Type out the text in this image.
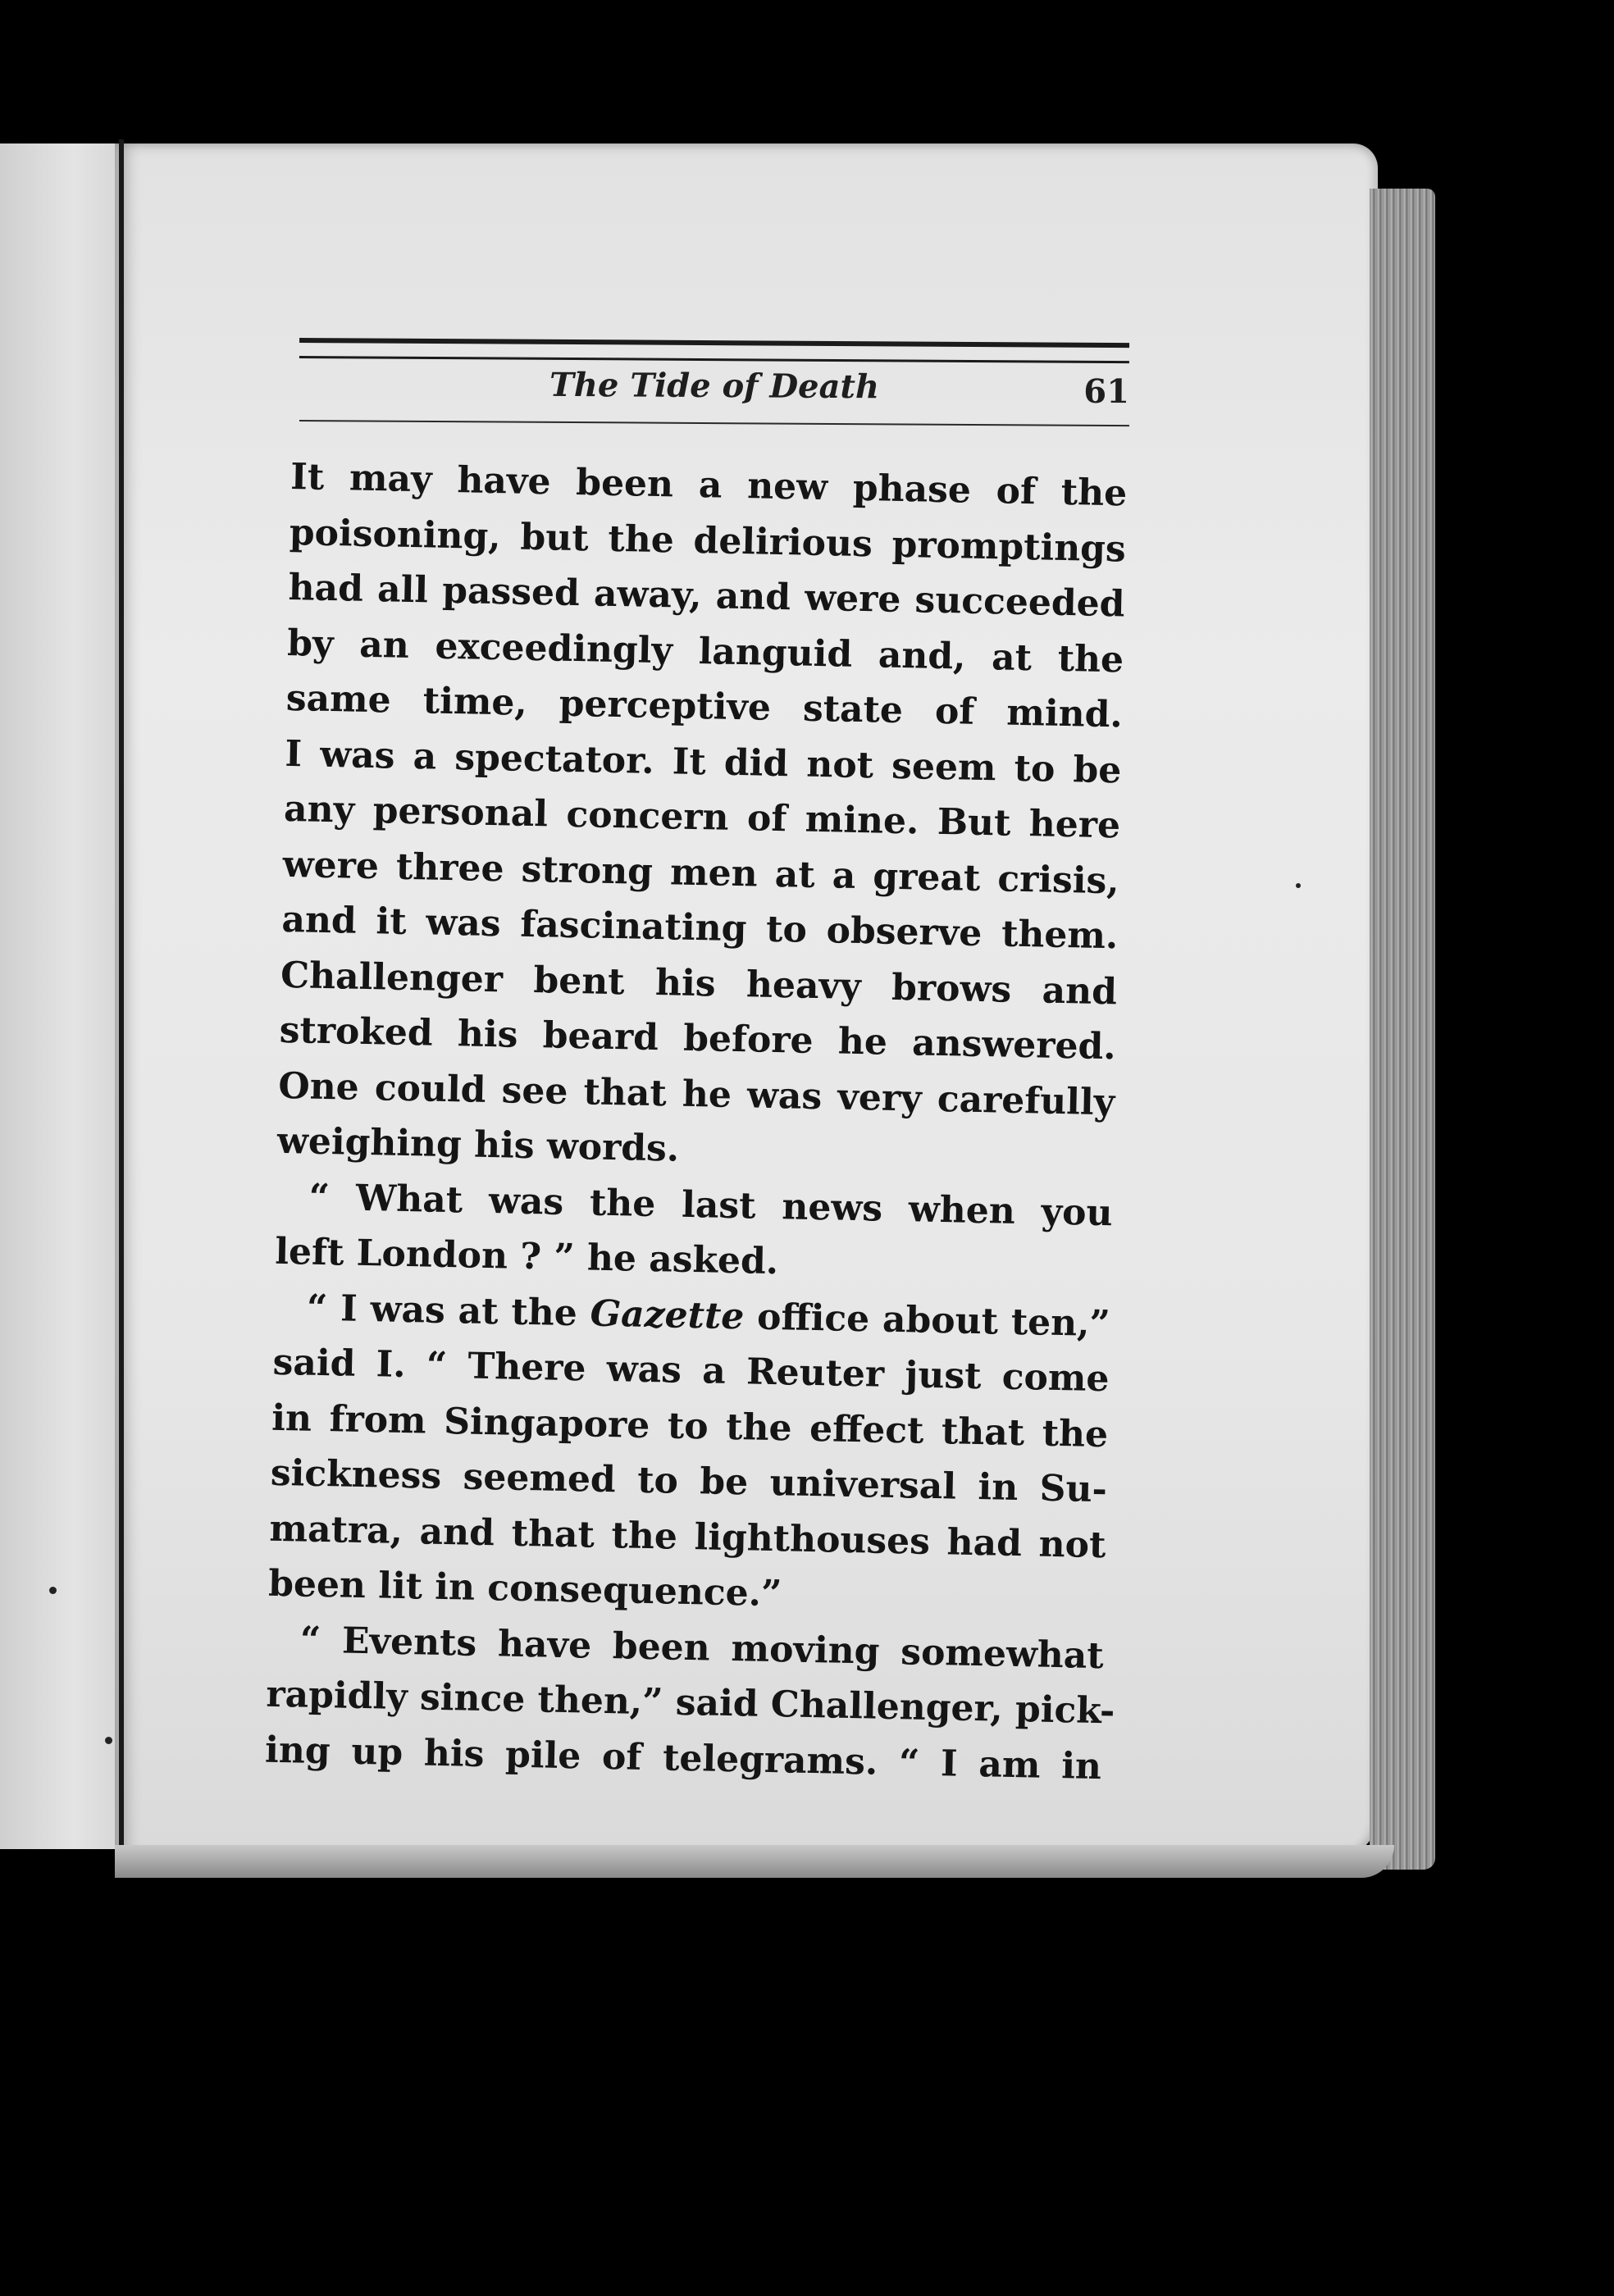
The Tide of Death	61
It may have been a new phase of the
poisoning, but the delirious promptings
had all passed away, and were succeeded
by an exceedingly languid and, at the
same time, perceptive state of mind.
I was a spectator. It did not seem to be
any personal concern of mine. But here
were three strong men at a great crisis,
and it was fascinating to observe them.
Challenger bent his heavy brows and
stroked his beard before he answered.
One could see that he was very carefully
weighing his words.
“ What was the last news when you
left London ? ” he asked.
“ I was at the Gazette office about ten,”
said I. “ There was a Reuter just come
in from Singapore to the effect that the
sickness seemed to be universal in Su-
matra, and that the lighthouses had not
been lit in consequence.”
“ Events have been moving somewhat
rapidly since then,” said Challenger, pick-
ing up his pile of telegrams. “ I am in
